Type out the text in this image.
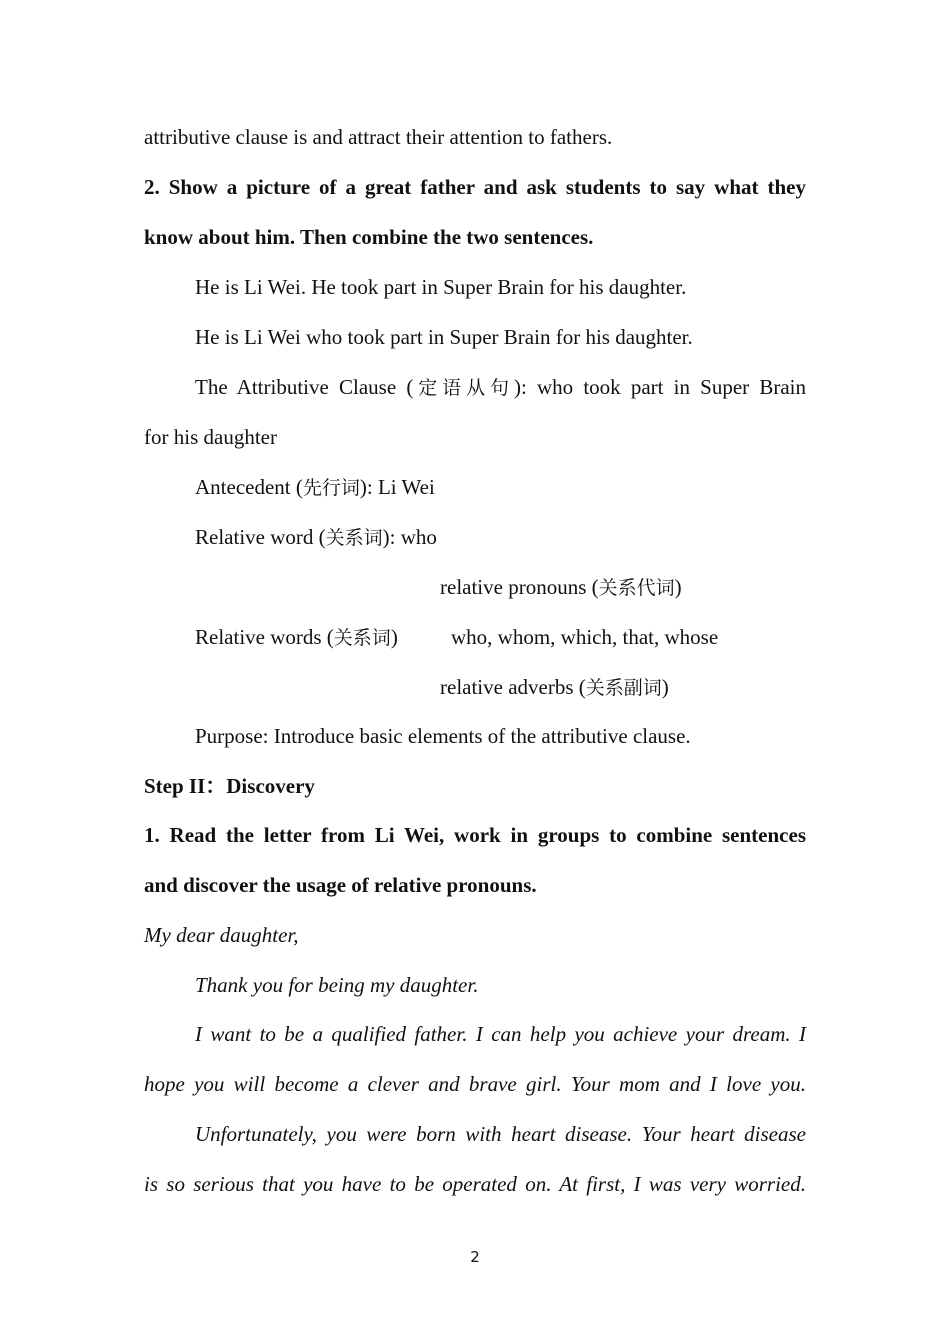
attributive clause is and attract their attention to fathers.
2. Show a picture of a great father and ask students to say what they
know about him. Then combine the two sentences.
He is Li Wei. He took part in Super Brain for his daughter.
He is Li Wei who took part in Super Brain for his daughter.
The Attributive Clause (定语从句): who took part in Super Brain
for his daughter
Antecedent (先行词): Li Wei
Relative word (关系词): who
relative pronouns (关系代词)
Relative words (关系词)	who, whom, which, that, whose
relative adverbs (关系副词)
Purpose: Introduce basic elements of the attributive clause.
Step II：Discovery
1. Read the letter from Li Wei, work in groups to combine sentences
and discover the usage of relative pronouns.
My dear daughter,
Thank you for being my daughter.
I want to be a qualified father. I can help you achieve your dream. I
hope you will become a clever and brave girl. Your mom and I love you.
Unfortunately, you were born with heart disease. Your heart disease
is so serious that you have to be operated on. At first, I was very worried.
2
